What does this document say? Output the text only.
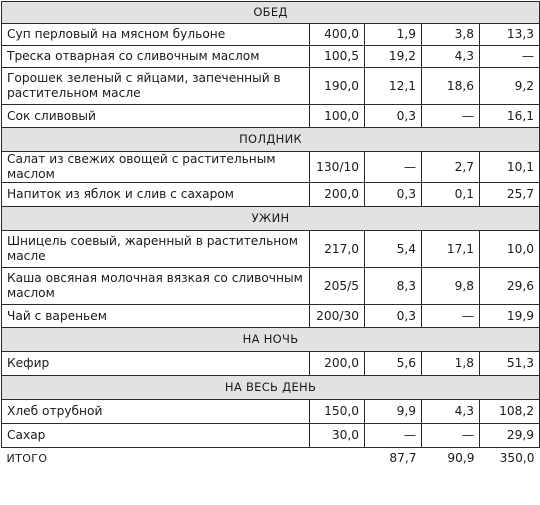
ОБЕД				
Суп перловый на мясном бульоне	400,0	1,9	3,8	13,3
Треска отварная со сливочным маслом	100,5	19,2	4,3	—
Горошек зеленый с яйцами, запеченный в растительном масле	190,0	12,1	18,6	9,2
Сок сливовый	100,0	0,3	—	16,1
ПОЛДНИК				
Салат из свежих овощей с растительным маслом	130/10	—	2,7	10,1
Напиток из яблок и слив с сахаром	200,0	0,3	0,1	25,7
УЖИН				
Шницель соевый, жаренный в растительном масле	217,0	5,4	17,1	10,0
Каша овсяная молочная вязкая со сливочным маслом	205/5	8,3	9,8	29,6
Чай с вареньем	200/30	0,3	—	19,9
НА НОЧЬ				
Кефир	200,0	5,6	1,8	51,3
НА ВЕСЬ ДЕНЬ				
Хлеб отрубной	150,0	9,9	4,3	108,2
Сахар	30,0	—	—	29,9
ИТОГО		87,7	90,9	350,0
